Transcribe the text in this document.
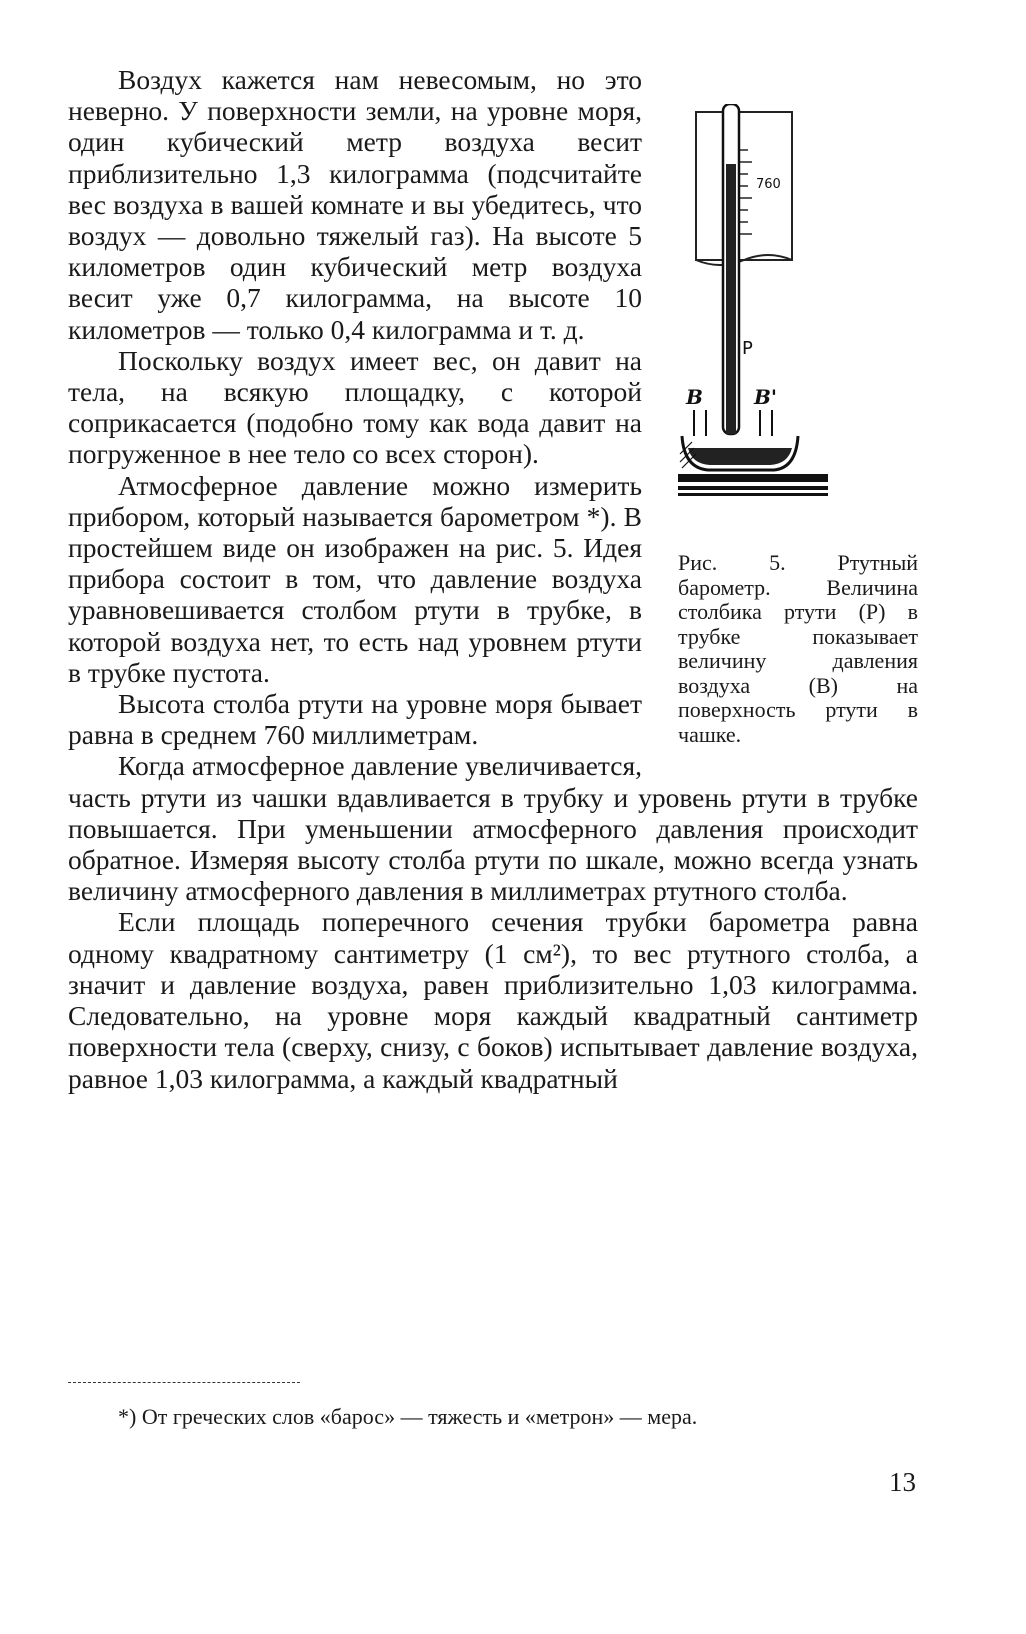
760
P
B	B'
Рис. 5. Ртутный барометр. Величина столбика ртути (P) в трубке показывает величину давления воздуха (B) на поверхность ртути в чашке.

Воздух кажется нам невесомым, но это неверно. У поверхности земли, на уровне моря, один кубический метр воздуха весит приблизительно 1,3 килограмма (подсчитайте вес воздуха в вашей комнате и вы убедитесь, что воздух — довольно тяжелый газ). На высоте 5 километров один кубический метр воздуха весит уже 0,7 килограмма, на высоте 10 километров — только 0,4 килограмма и т. д.

Поскольку воздух имеет вес, он давит на тела, на всякую площадку, с которой соприкасается (подобно тому как вода давит на погруженное в нее тело со всех сторон).

Атмосферное давление можно измерить прибором, который называется барометром *). В простейшем виде он изображен на рис. 5. Идея прибора состоит в том, что давление воздуха уравновешивается столбом ртути в трубке, в которой воздуха нет, то есть над уровнем ртути в трубке пустота.

Высота столба ртути на уровне моря бывает равна в среднем 760 миллиметрам.

Когда атмосферное давление увеличивается, часть ртути из чашки вдавливается в трубку и уровень ртути в трубке повышается. При уменьшении атмосферного давления происходит обратное. Измеряя высоту столба ртути по шкале, можно всегда узнать величину атмосферного давления в миллиметрах ртутного столба.

Если площадь поперечного сечения трубки барометра равна одному квадратному сантиметру (1 см²), то вес ртутного столба, а значит и давление воздуха, равен приблизительно 1,03 килограмма. Следовательно, на уровне моря каждый квадратный сантиметр поверхности тела (сверху, снизу, с боков) испытывает давление воздуха, равное 1,03 килограмма, а каждый квадратный

*) От греческих слов «барос» — тяжесть и «метрон» — мера.
13
